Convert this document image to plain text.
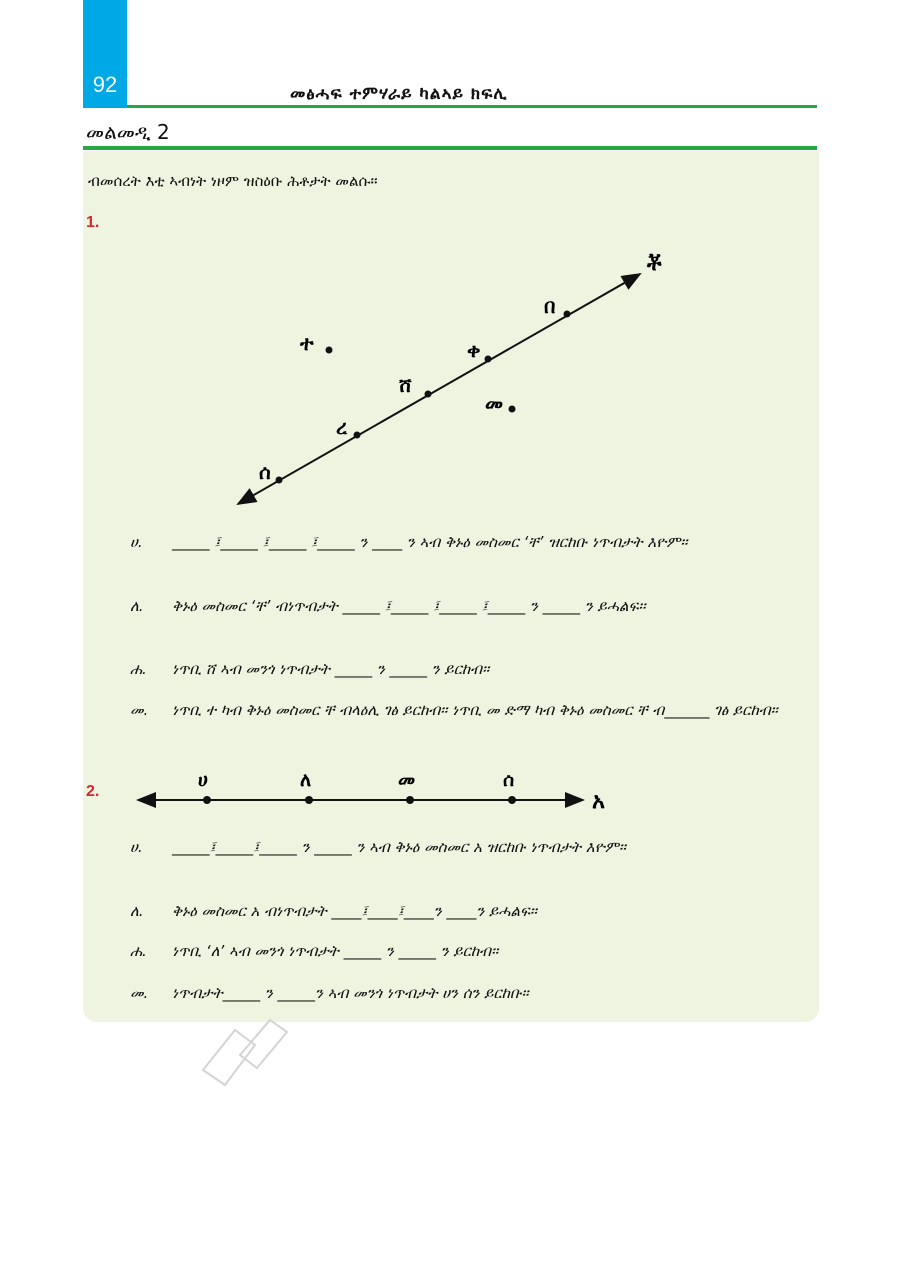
92	መፅሓፍ ተምሃራይ ካልኣይ ክፍሊ
መልመዲ 2
ብመሰረት እቲ ኣብነት ነዞም ዝስዕቡ ሕቶታት መልሱ፡፡
1.
ቾ
ሰ
ረ
ሸ
ቀ
በ
ተ
መ
ሀ	ለ	መ	ሰ
አ
ሀ.	_____ ፤_____ ፤_____ ፤_____ ን ____ ን ኣብ ቅኑዕ መስመር ‘ቸ’ ዝርከቡ ነጥብታት እዮም፡፡
ለ.	ቅኑዕ መስመር ‘ቸ’ ብነጥብታት _____ ፤_____ ፤_____ ፤_____ ን _____ ን ይሓልፍ፡፡
ሐ.	ነጥቢ ሸ ኣብ መንጎ ነጥብታት _____ ን _____ ን ይርከብ፡፡
መ.	ነጥቢ ተ ካብ ቅኑዕ መስመር ቸ ብላዕሊ ገፅ ይርከብ፡፡ ነጥቢ መ ድማ ካብ ቅኑዕ መስመር ቸ ብ______ ገፅ ይርከብ፡፡
2.
ሀ.	_____፤_____፤_____ ን _____ ን ኣብ ቅኑዕ መስመር አ ዝርከቡ ነጥብታት እዮም፡፡
ለ.	ቅኑዕ መስመር አ ብነጥብታት ____፤____፤____ን ____ን ይሓልፍ፡፡
ሐ.	ነጥቢ ‘ለ’ ኣብ መንጎ ነጥብታት _____ ን _____ ን ይርከብ፡፡
መ.	ነጥብታት_____ ን _____ን ኣብ መንጎ ነጥብታት ሀን ሰን ይርከቡ፡፡
